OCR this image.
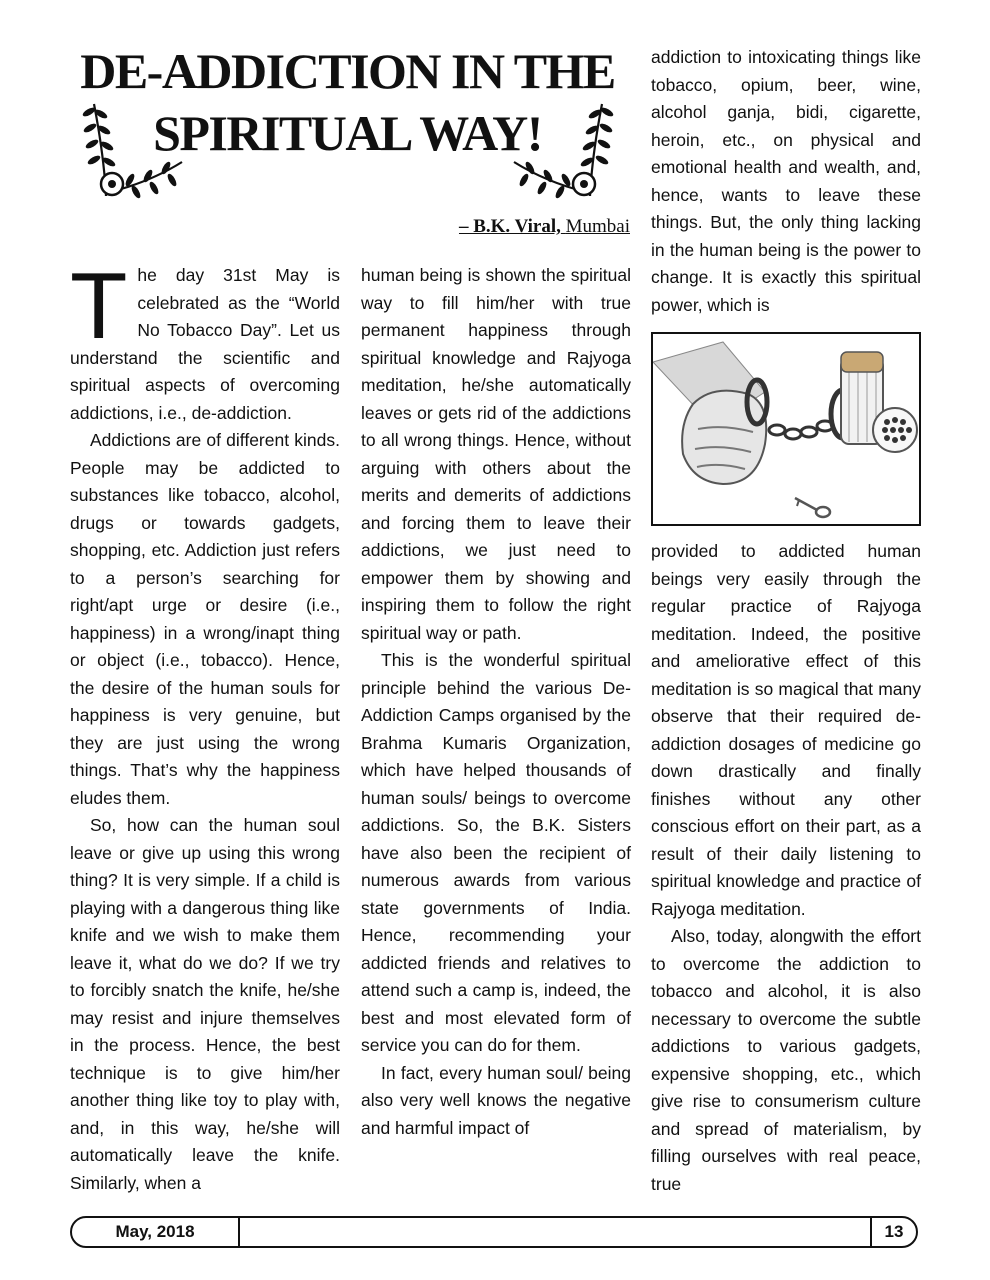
DE-ADDICTION IN THE
SPIRITUAL WAY!
– B.K. Viral, Mumbai

The day 31st May is celebrated as the “World No Tobacco Day”. Let us understand the scientific and spiritual aspects of overcoming addictions, i.e., de-addiction.

Addictions are of different kinds. People may be addicted to substances like tobacco, alcohol, drugs or towards gadgets, shopping, etc. Addiction just refers to a person’s searching for right/apt urge or desire (i.e., happiness) in a wrong/inapt thing or object (i.e., tobacco). Hence, the desire of the human souls for happiness is very genuine, but they are just using the wrong things. That’s why the happiness eludes them.

So, how can the human soul leave or give up using this wrong thing? It is very simple. If a child is playing with a dangerous thing like knife and we wish to make them leave it, what do we do? If we try to forcibly snatch the knife, he/she may resist and injure themselves in the process. Hence, the best technique is to give him/her another thing like toy to play with, and, in this way, he/she will automatically leave the knife. Similarly, when a

human being is shown the spiritual way to fill him/her with true permanent happiness through spiritual knowledge and Rajyoga meditation, he/she automatically leaves or gets rid of the addictions to all wrong things. Hence, without arguing with others about the merits and demerits of addictions and forcing them to leave their addictions, we just need to empower them by showing and inspiring them to follow the right spiritual way or path.

This is the wonderful spiritual principle behind the various De-Addiction Camps organised by the Brahma Kumaris Organization, which have helped thousands of human souls/ beings to overcome addictions. So, the B.K. Sisters have also been the recipient of numerous awards from various state governments of India. Hence, recommending your addicted friends and relatives to attend such a camp is, indeed, the best and most elevated form of service you can do for them.

In fact, every human soul/ being also very well knows the negative and harmful impact of

addiction to intoxicating things like tobacco, opium, beer, wine, alcohol ganja, bidi, cigarette, heroin, etc., on physical and emotional health and wealth, and, hence, wants to leave these things. But, the only thing lacking in the human being is the power to change. It is exactly this spiritual power, which is

provided to addicted human beings very easily through the regular practice of Rajyoga meditation. Indeed, the positive and ameliorative effect of this meditation is so magical that many observe that their required de-addiction dosages of medicine go down drastically and finally finishes without any other conscious effort on their part, as a result of their daily listening to spiritual knowledge and practice of Rajyoga meditation.

Also, today, alongwith the effort to overcome the addiction to tobacco and alcohol, it is also necessary to overcome the subtle addictions to various gadgets, expensive shopping, etc., which give rise to consumerism culture and spread of materialism, by filling ourselves with real peace, true

May, 2018	13
